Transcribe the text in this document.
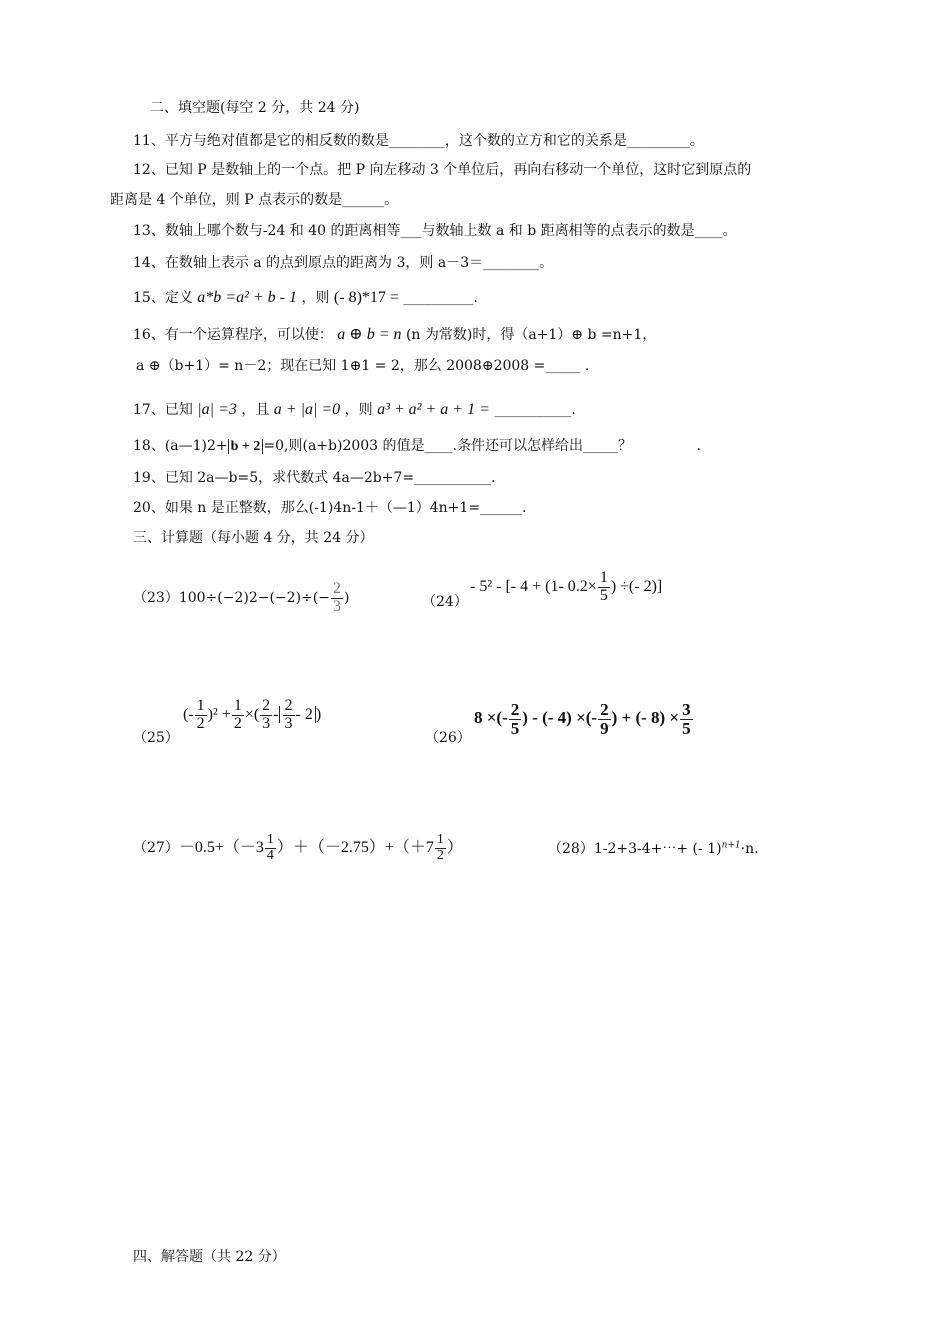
二、填空题(每空 2 分，共 24 分)
11、平方与绝对值都是它的相反数的数是________，这个数的立方和它的关系是_________。
12、已知 P 是数轴上的一个点。把 P 向左移动 3 个单位后，再向右移动一个单位，这时它到原点的
距离是 4 个单位，则 P 点表示的数是______。
13、数轴上哪个数与-24 和 40 的距离相等___与数轴上数 a 和 b 距离相等的点表示的数是____。
14、在数轴上表示 a 的点到原点的距离为 3，则 a－3＝________。
15、定义 a*b =a² + b - 1 ，则 (- 8)*17 = __________.
16、有一个运算程序，可以使： a ⊕ b = n (n 为常数)时，得（a+1）⊕ b =n+1，
a ⊕（b+1）= n－2；现在已知 1⊕1 = 2，那么 2008⊕2008 =_____ .
17、已知 |a| =3 ，且 a + |a| =0 ，则 a³ + a² + a + 1 = ___________.
18、(a—1)2+ b + 2 =0,则(a+b)2003 的值是____.条件还可以怎样给出_____？	.
19、已知 2a—b=5，求代数式 4a—2b+7=___________.
20、如果 n 是正整数，那么(-1)4n-1＋（—1）4n+1=______.
三、计算题（每小题 4 分，共 24 分）
$(23)100\div(-2)2-(-2)\div(- \frac{2}{3}$ )	（24）
- 5² - [- 4 + (1- $0.2\times \frac{1}{5}$ ) ÷(- 2)]
（25）
(- $\frac{1}{2} )^2 + \frac{1}{2}$ ×( $\frac{2}{3} - \frac{2}{3} - 2$ )
（26）
8 ×(- $\frac{2}{5}$ ) - (- 4) ×(- $\frac{2}{9}$ ) + (- $8) \times \frac{3}{5}$
$(27)-0.5+(-3 \frac{1}{4} )+(-2.75)+(+7 \frac{1}{2}$ ）	（28）1-2+3-4+⋯+ (- 1)$^{n+1}$·n.
四、解答题（共 22 分）
